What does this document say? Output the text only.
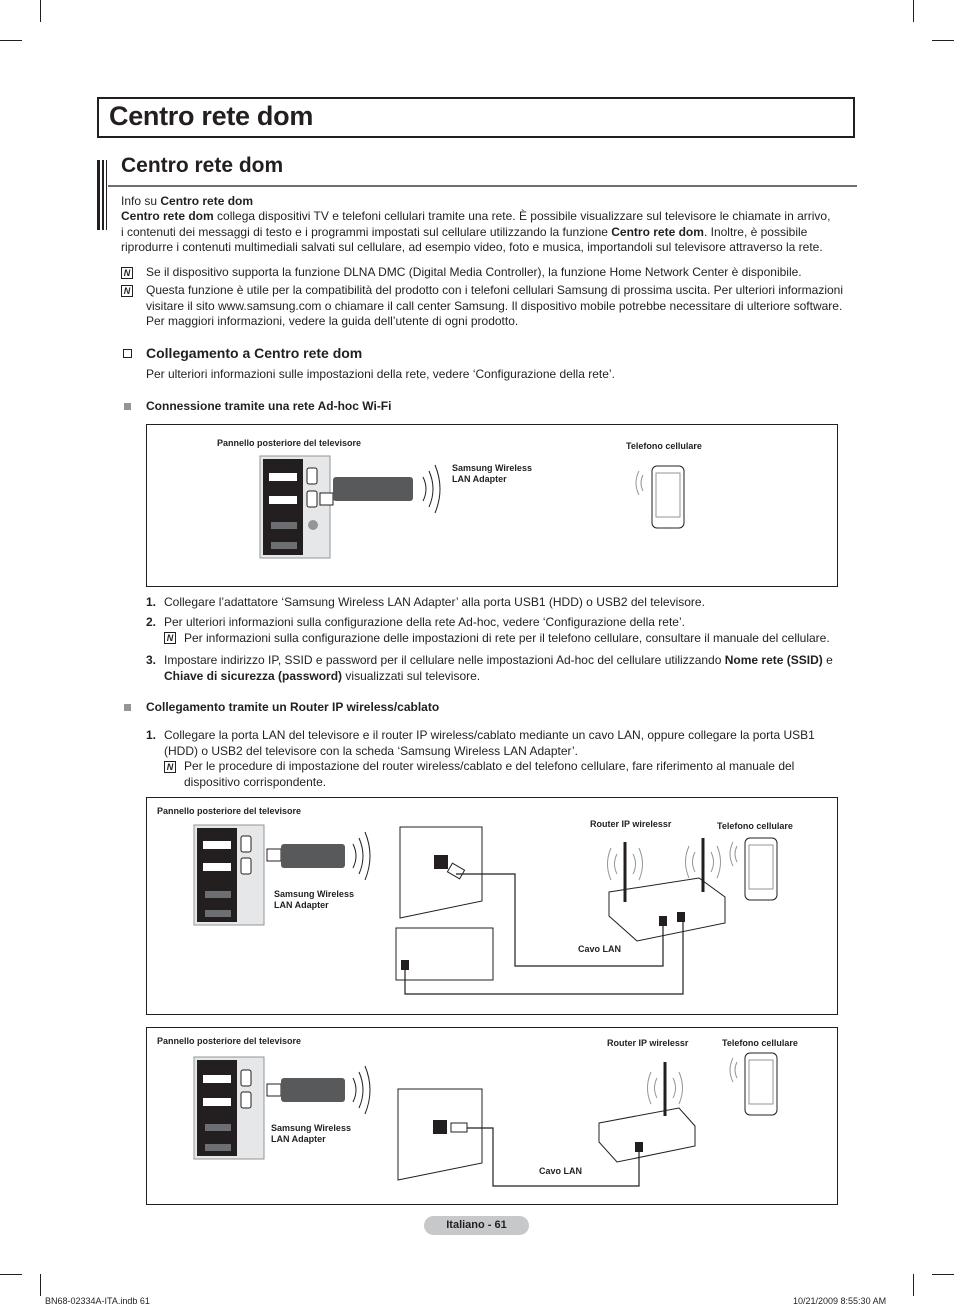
Centro rete dom
Centro rete dom
Info su Centro rete dom
Centro rete dom collega dispositivi TV e telefoni cellulari tramite una rete. È possibile visualizzare sul televisore le chiamate in arrivo,
i contenuti dei messaggi di testo e i programmi impostati sul cellulare utilizzando la funzione Centro rete dom. Inoltre, è possibile
riprodurre i contenuti multimediali salvati sul cellulare, ad esempio video, foto e musica, importandoli sul televisore attraverso la rete.
N Se il dispositivo supporta la funzione DLNA DMC (Digital Media Controller), la funzione Home Network Center è disponibile.
N Questa funzione è utile per la compatibilità del prodotto con i telefoni cellulari Samsung di prossima uscita. Per ulteriori informazioni
visitare il sito www.samsung.com o chiamare il call center Samsung. Il dispositivo mobile potrebbe necessitare di ulteriore software.
Per maggiori informazioni, vedere la guida dell’utente di ogni prodotto.
Collegamento a Centro rete dom
Per ulteriori informazioni sulle impostazioni della rete, vedere ‘Configurazione della rete’.
Connessione tramite una rete Ad-hoc Wi-Fi
Pannello posteriore del televisore
Samsung Wireless
LAN Adapter
Telefono cellulare
1. Collegare l’adattatore ‘Samsung Wireless LAN Adapter’ alla porta USB1 (HDD) o USB2 del televisore.
2. Per ulteriori informazioni sulla configurazione della rete Ad-hoc, vedere ‘Configurazione della rete’.
N Per informazioni sulla configurazione delle impostazioni di rete per il telefono cellulare, consultare il manuale del cellulare.
3. Impostare indirizzo IP, SSID e password per il cellulare nelle impostazioni Ad-hoc del cellulare utilizzando Nome rete (SSID) e
Chiave di sicurezza (password) visualizzati sul televisore.
Collegamento tramite un Router IP wireless/cablato
1. Collegare la porta LAN del televisore e il router IP wireless/cablato mediante un cavo LAN, oppure collegare la porta USB1
(HDD) o USB2 del televisore con la scheda ‘Samsung Wireless LAN Adapter’.
N Per le procedure di impostazione del router wireless/cablato e del telefono cellulare, fare riferimento al manuale del
dispositivo corrispondente.
Pannello posteriore del televisore
Samsung Wireless
LAN Adapter
Router IP wirelessr	Telefono cellulare
Cavo LAN
Pannello posteriore del televisore
Samsung Wireless
LAN Adapter
Router IP wirelessr	Telefono cellulare
Cavo LAN
Italiano - 61
BN68-02334A-ITA.indb 61	10/21/2009 8:55:30 AM
